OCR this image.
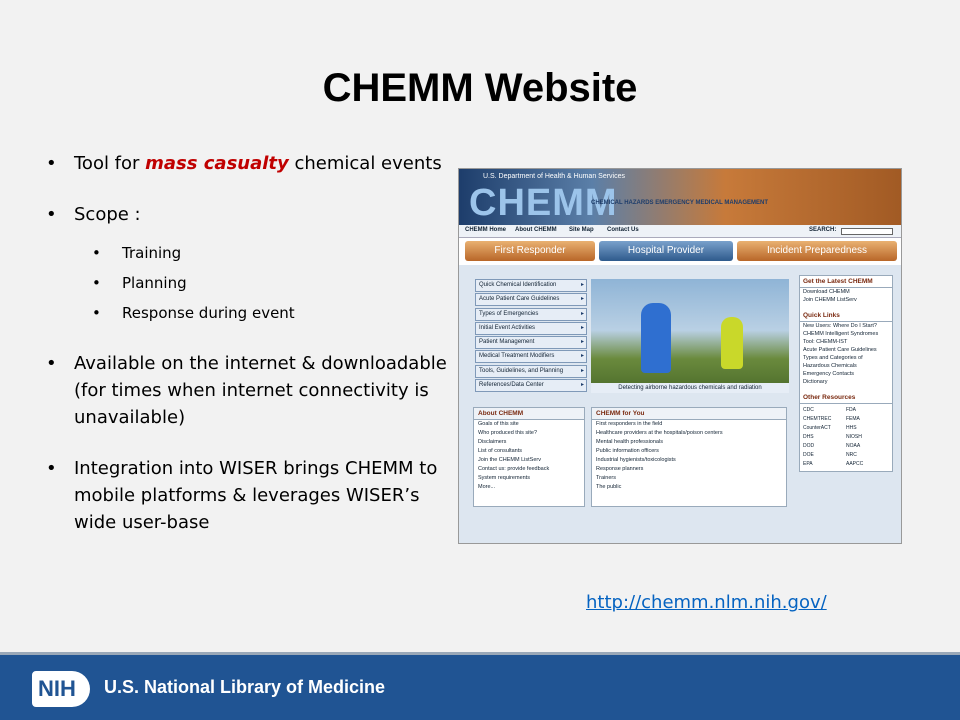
CHEMM Website
• Tool for mass casualty chemical events
• Scope :
• Training
• Planning
• Response during event
• Available on the internet & downloadable (for times when internet connectivity is unavailable)
• Integration into WISER brings CHEMM to mobile platforms & leverages WISER’s wide user-base
U.S. Department of Health & Human Services
CHEMM
CHEMICAL HAZARDS EMERGENCY MEDICAL MANAGEMENT
CHEMM Home About CHEMM Site Map Contact Us	SEARCH:
First Responder	Hospital Provider	Incident Preparedness
Quick Chemical Identification ▸
Acute Patient Care Guidelines ▸
Types of Emergencies ▸
Initial Event Activities ▸
Patient Management ▸
Medical Treatment Modifiers ▸
Tools, Guidelines, and Planning ▸
References/Data Center ▸	Detecting airborne hazardous chemicals and radiation
Get the Latest CHEMM
Download CHEMM
Join CHEMM ListServ
Quick Links
New Users: Where Do I Start?
CHEMM Intelligent Syndromes Tool: CHEMM-IST
Acute Patient Care Guidelines
Types and Categories of Hazardous Chemicals
Emergency Contacts
Dictionary
Other Resources
CDC	FDA
CHEMTREC	FEMA
CounterACT	HHS
DHS	NIOSH
DOD	NOAA
DOE	NRC
EPA	AAPCC
About CHEMM
Goals of this site
Who produced this site?
Disclaimers
List of consultants
Join the CHEMM ListServ
Contact us: provide feedback
System requirements
More...
CHEMM for You
First responders in the field
Healthcare providers at the hospitals/poison centers
Mental health professionals
Public information officers
Industrial hygienists/toxicologists
Response planners
Trainers
The public
http://chemm.nlm.nih.gov/
NIH	U.S. National Library of Medicine
